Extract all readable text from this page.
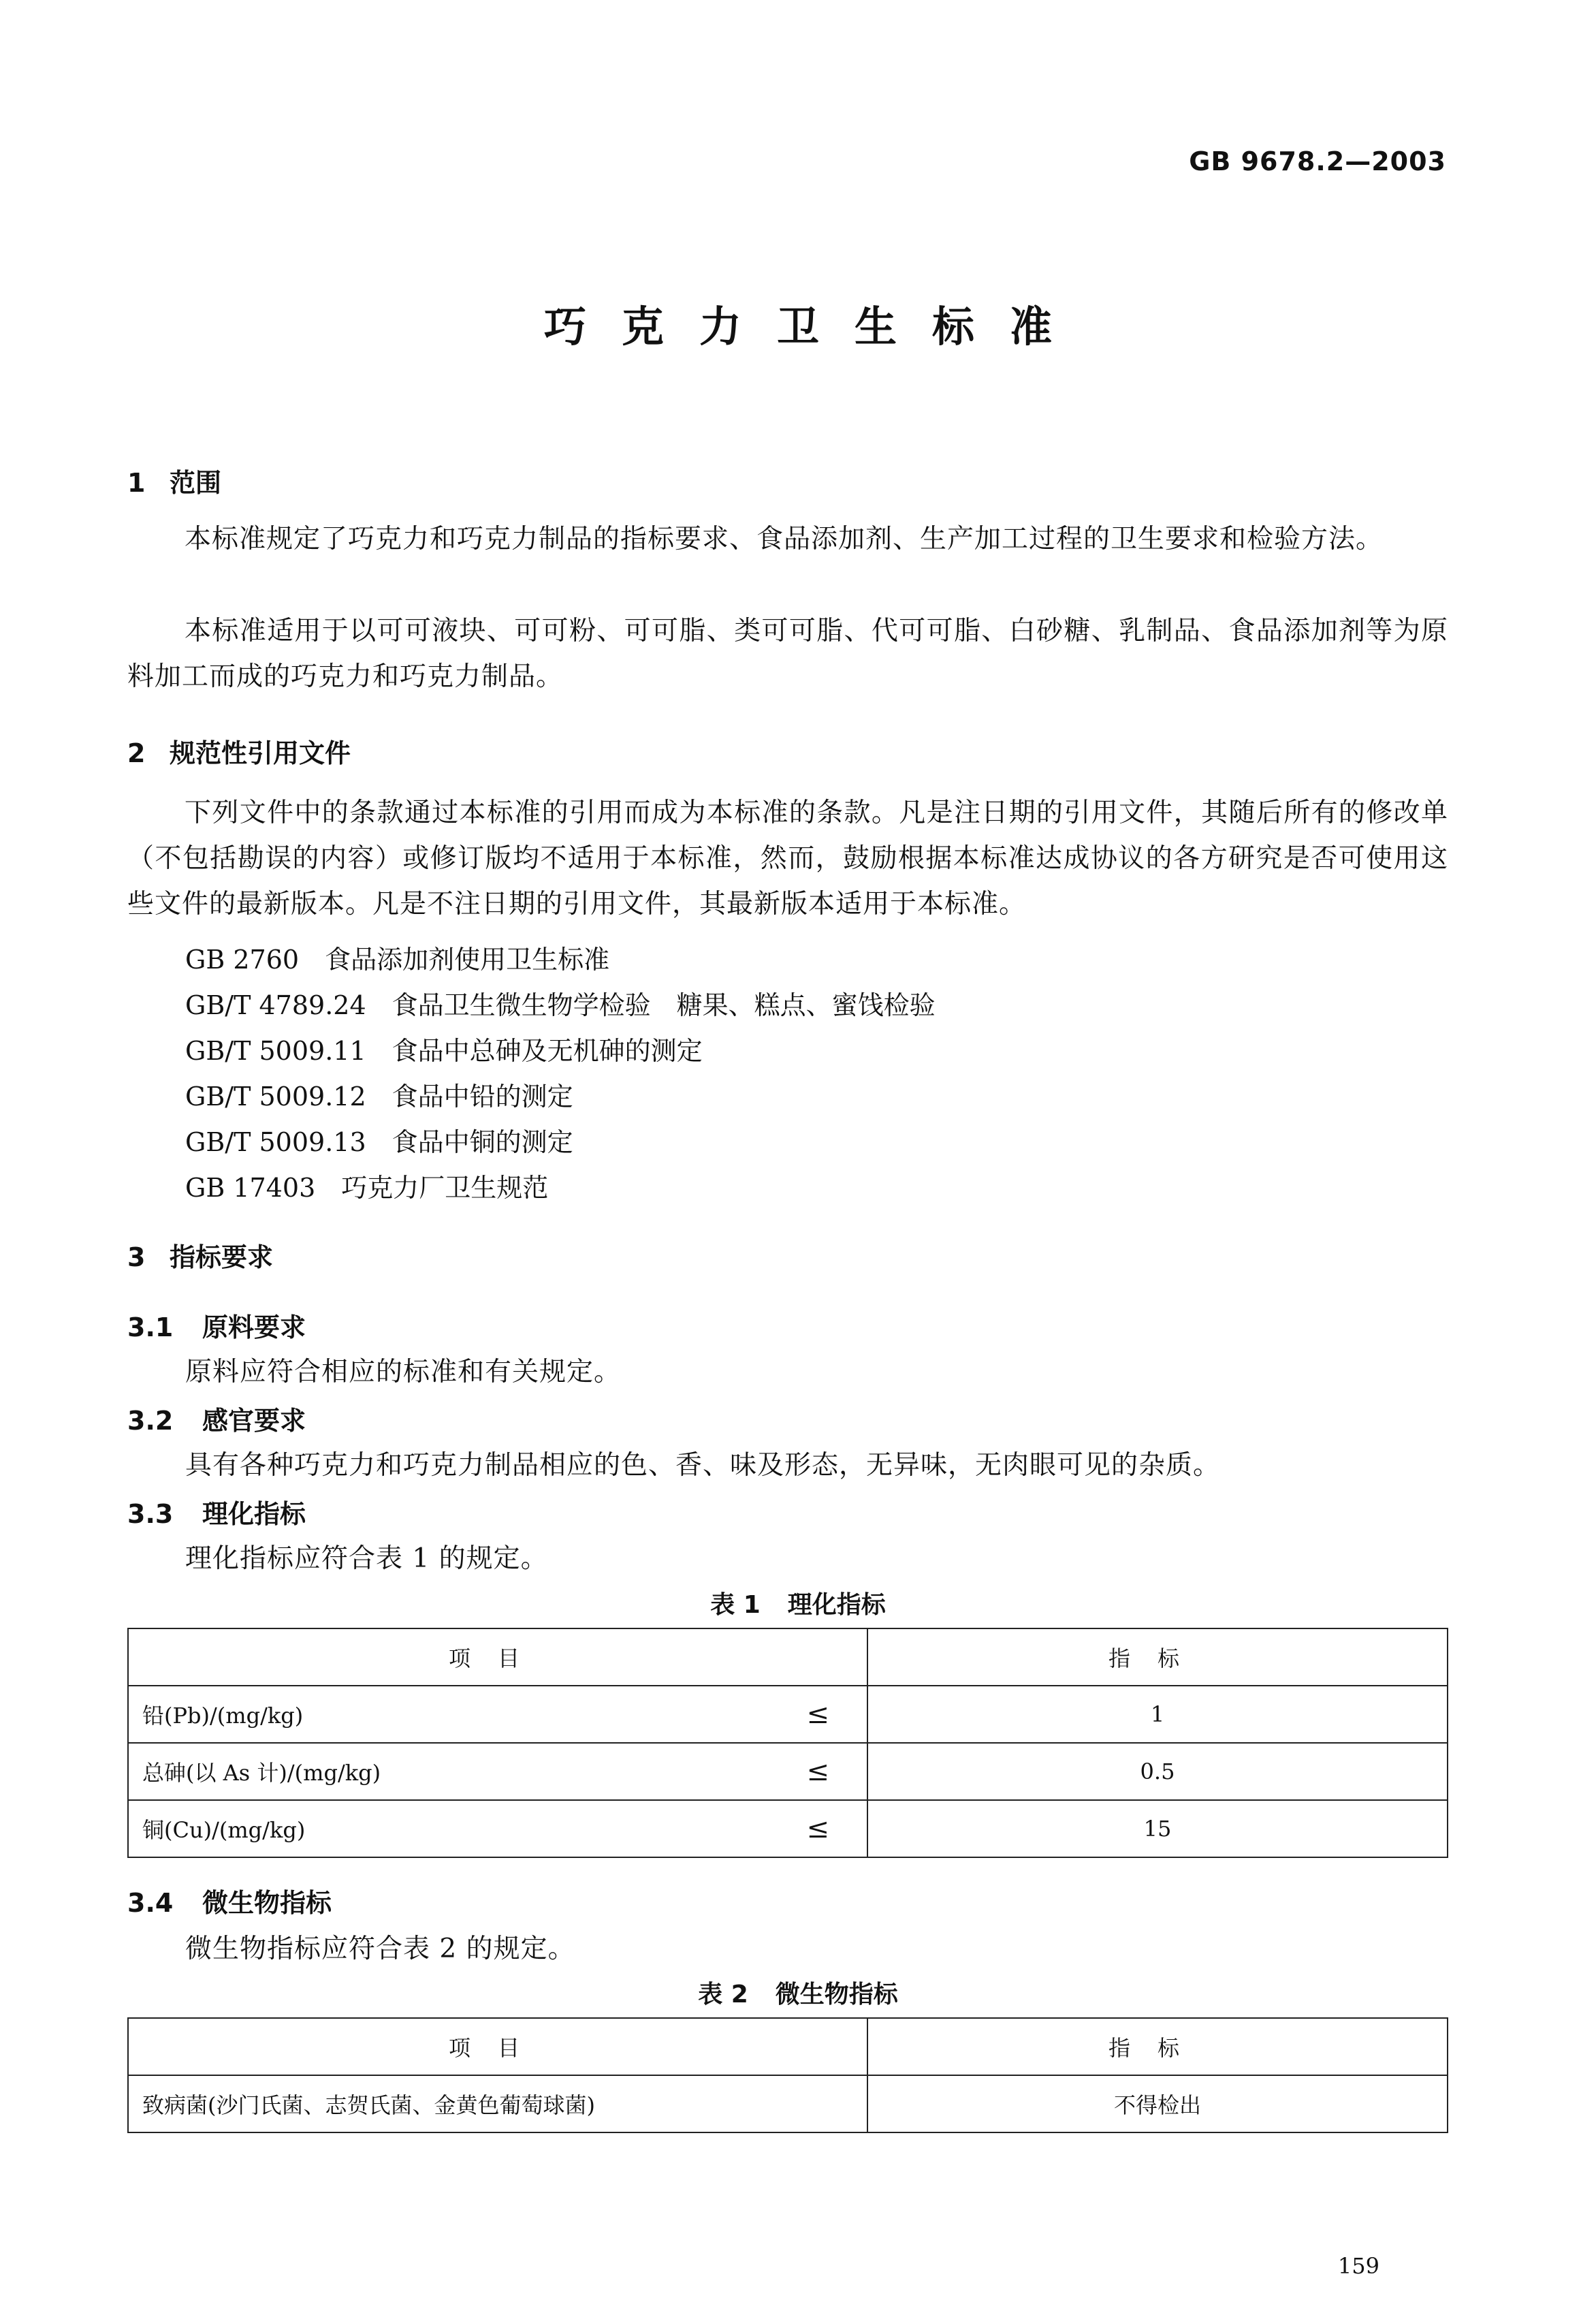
GB 9678.2—2003
巧克力卫生标准
1 范围
本标准规定了巧克力和巧克力制品的指标要求、食品添加剂、生产加工过程的卫生要求和检验方法。
本标准适用于以可可液块、可可粉、可可脂、类可可脂、代可可脂、白砂糖、乳制品、食品添加剂等为原料加工而成的巧克力和巧克力制品。
2 规范性引用文件
下列文件中的条款通过本标准的引用而成为本标准的条款。凡是注日期的引用文件，其随后所有的修改单（不包括勘误的内容）或修订版均不适用于本标准，然而，鼓励根据本标准达成协议的各方研究是否可使用这些文件的最新版本。凡是不注日期的引用文件，其最新版本适用于本标准。
GB 2760 食品添加剂使用卫生标准
GB/T 4789.24 食品卫生微生物学检验　糖果、糕点、蜜饯检验
GB/T 5009.11 食品中总砷及无机砷的测定
GB/T 5009.12 食品中铅的测定
GB/T 5009.13 食品中铜的测定
GB 17403 巧克力厂卫生规范
3 指标要求
3.1 原料要求
原料应符合相应的标准和有关规定。
3.2 感官要求
具有各种巧克力和巧克力制品相应的色、香、味及形态，无异味，无肉眼可见的杂质。
3.3 理化指标
理化指标应符合表 1 的规定。
表 1 理化指标
项目	指标
铅(Pb)/(mg/kg) ≤	1
总砷(以 As 计)/(mg/kg) ≤	0.5
铜(Cu)/(mg/kg) ≤	15
3.4 微生物指标
微生物指标应符合表 2 的规定。
表 2 微生物指标
项目	指标
致病菌(沙门氏菌、志贺氏菌、金黄色葡萄球菌)	不得检出
159
